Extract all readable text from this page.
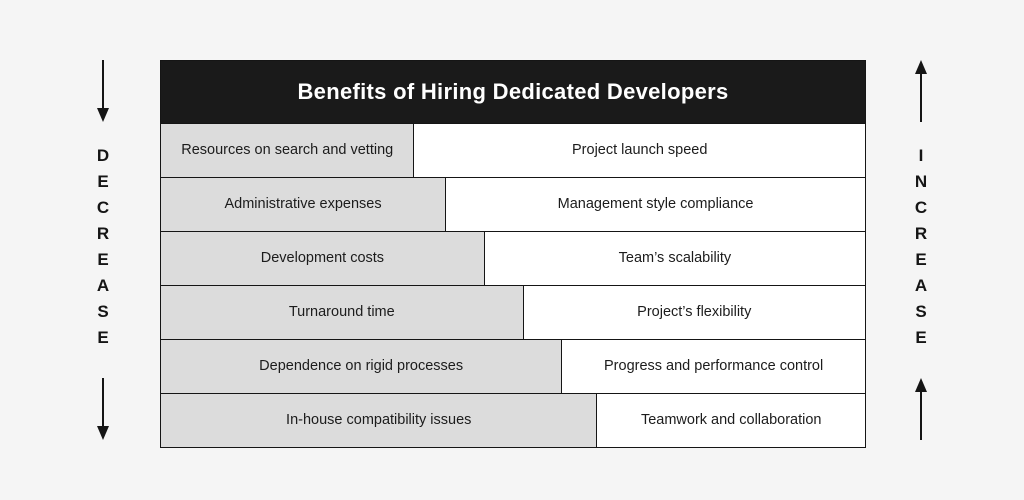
DECREASE	INCREASE
Benefits of Hiring Dedicated Developers
Resources on search and vetting	Project launch speed
Administrative expenses	Management style compliance
Development costs	Team’s scalability
Turnaround time	Project’s flexibility
Dependence on rigid processes	Progress and performance control
In-house compatibility issues	Teamwork and collaboration
